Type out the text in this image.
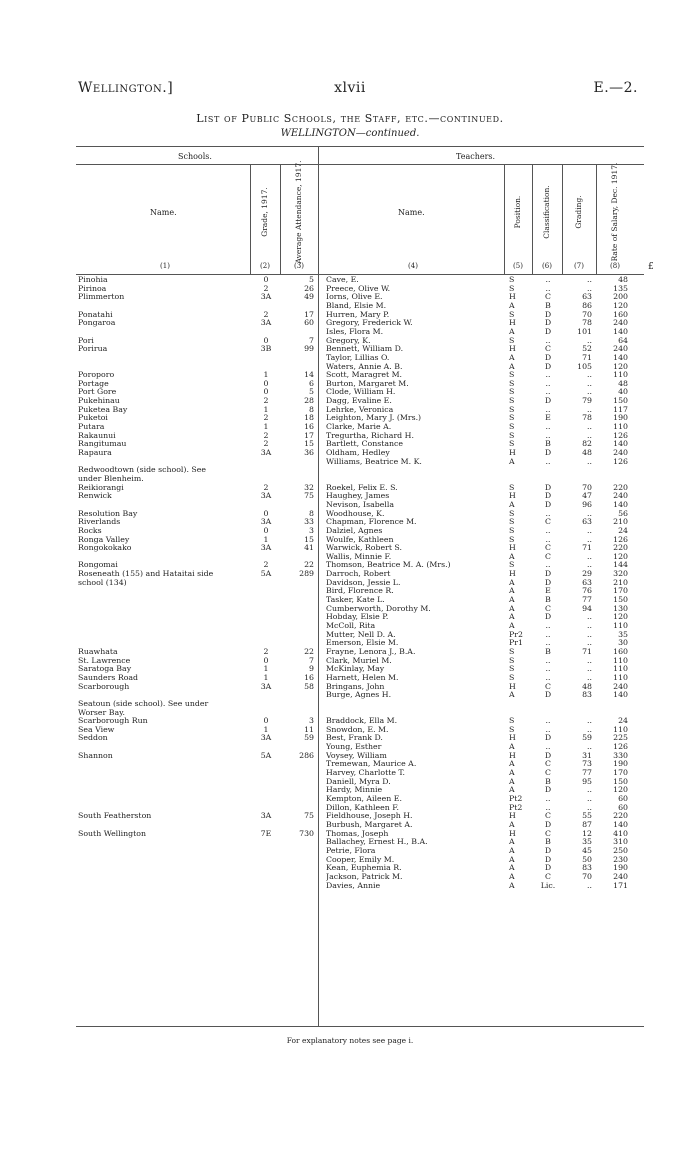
Wellington.]	xlvii	E.—2.
List of Public Schools, the Staff, etc.—continued.
WELLINGTON—continued.
Schools.	Teachers.
Name.	Grade, 1917.	Average Attendance, 1917.	Name.	Position.	Classification.	Grading.	Rate of Salary, Dec. 1917.
(1)	(2)	(3)	(4)	(5)	(6)	(7)	(8)	£
Pinohia	0	5 Cave, E.	S	..	..	48
Pirinoa	2	26 Preece, Olive W.	S	..	..	135
Plimmerton	3A	49 Iorns, Olive E.	H	C	63	200
Bland, Elsie M.	A	B	86	120
Ponatahi	2	17 Hurren, Mary P.	S	D	70	160
Pongaroa	3A	60 Gregory, Frederick W.	H	D	78	240
Isles, Flora M.	A	D	101	140
Pori	0	7 Gregory, K.	S	..	..	64
Porirua	3B	99 Bennett, William D.	H	C	52	240
Taylor, Lillias O.	A	D	71	140
Waters, Annie A. B.	A	D	105	120
Poroporo	1	14 Scott, Maragret M.	S	..	..	110
Portage	0	6 Burton, Margaret M.	S	..	..	48
Port Gore	0	5 Clode, William H.	S	..	..	40
Pukehinau	2	28 Dagg, Evaline E.	S	D	79	150
Puketea Bay	1	8 Lehrke, Veronica	S	..	..	117
Puketoi	2	18 Leighton, Mary J. (Mrs.)	S	E	78	190
Putara	1	16 Clarke, Marie A.	S	..	..	110
Rakaunui	2	17 Tregurtha, Richard H.	S	..	..	126
Rangitumau	2	15 Bartlett, Constance	S	B	82	140
Rapaura	3A	36 Oldham, Hedley	H	D	48	240
Williams, Beatrice M. K.	A	..	..	126
Redwoodtown (side school). See
under Blenheim.
Reikiorangi	2	32 Roekel, Felix E. S.	S	D	70	220
Renwick	3A	75 Haughey, James	H	D	47	240
Nevison, Isabella	A	D	96	140
Resolution Bay	0	8 Woodhouse, K.	S	..	..	56
Riverlands	3A	33 Chapman, Florence M.	S	C	63	210
Rocks	0	3 Dalziel, Agnes	S	..	..	24
Ronga Valley	1	15 Woulfe, Kathleen	S	..	..	126
Rongokokako	3A	41 Warwick, Robert S.	H	C	71	220
Wallis, Minnie F.	A	C	..	120
Rongomai	2	22 Thomson, Beatrice M. A. (Mrs.)	S	..	..	144
Roseneath (155) and Hataitai side	5A	289 Darroch, Robert	H	D	29	320
school (134)	Davidson, Jessie L.	A	D	63	210
Bird, Florence R.	A	E	76	170
Tasker, Kate L.	A	B	77	150
Cumberworth, Dorothy M.	A	C	94	130
Hobday, Elsie P.	A	D	..	120
McColl, Rita	A	..	..	110
Mutter, Nell D. A.	Pr2	..	..	35
Emerson, Elsie M.	Pr1	..	..	30
Ruawhata	2	22 Frayne, Lenora J., B.A.	S	B	71	160
St. Lawrence	0	7 Clark, Muriel M.	S	..	..	110
Saratoga Bay	1	9 McKinlay, May	S	..	..	110
Saunders Road	1	16 Harnett, Helen M.	S	..	..	110
Scarborough	3A	58 Bringans, John	H	C	48	240
Burge, Agnes H.	A	D	83	140
Seatoun (side school). See under
Worser Bay.
Scarborough Run	0	3 Braddock, Ella M.	S	..	..	24
Sea View	1	11 Snowdon, E. M.	S	..	..	110
Seddon	3A	59 Best, Frank D.	H	D	59	225
Young, Esther	A	..	..	126
Shannon	5A	286 Voysey, William	H	D	31	330
Tremewan, Maurice A.	A	C	73	190
Harvey, Charlotte T.	A	C	77	170
Daniell, Myra D.	A	B	95	150
Hardy, Minnie	A	D	..	120
Kempton, Aileen E.	Pt2	..	..	60
Dillon, Kathleen F.	Pt2	..	..	60
South Featherston	3A	75 Fieldhouse, Joseph H.	H	C	55	220
Burbush, Margaret A.	A	D	87	140
South Wellington	7E	730 Thomas, Joseph	H	C	12	410
Ballachey, Ernest H., B.A.	A	B	35	310
Petrie, Flora	A	D	45	250
Cooper, Emily M.	A	D	50	230
Kean, Euphemia R.	A	D	83	190
Jackson, Patrick M.	A	C	70	240
Davies, Annie	A	Lic.	..	171
For explanatory notes see page i.
